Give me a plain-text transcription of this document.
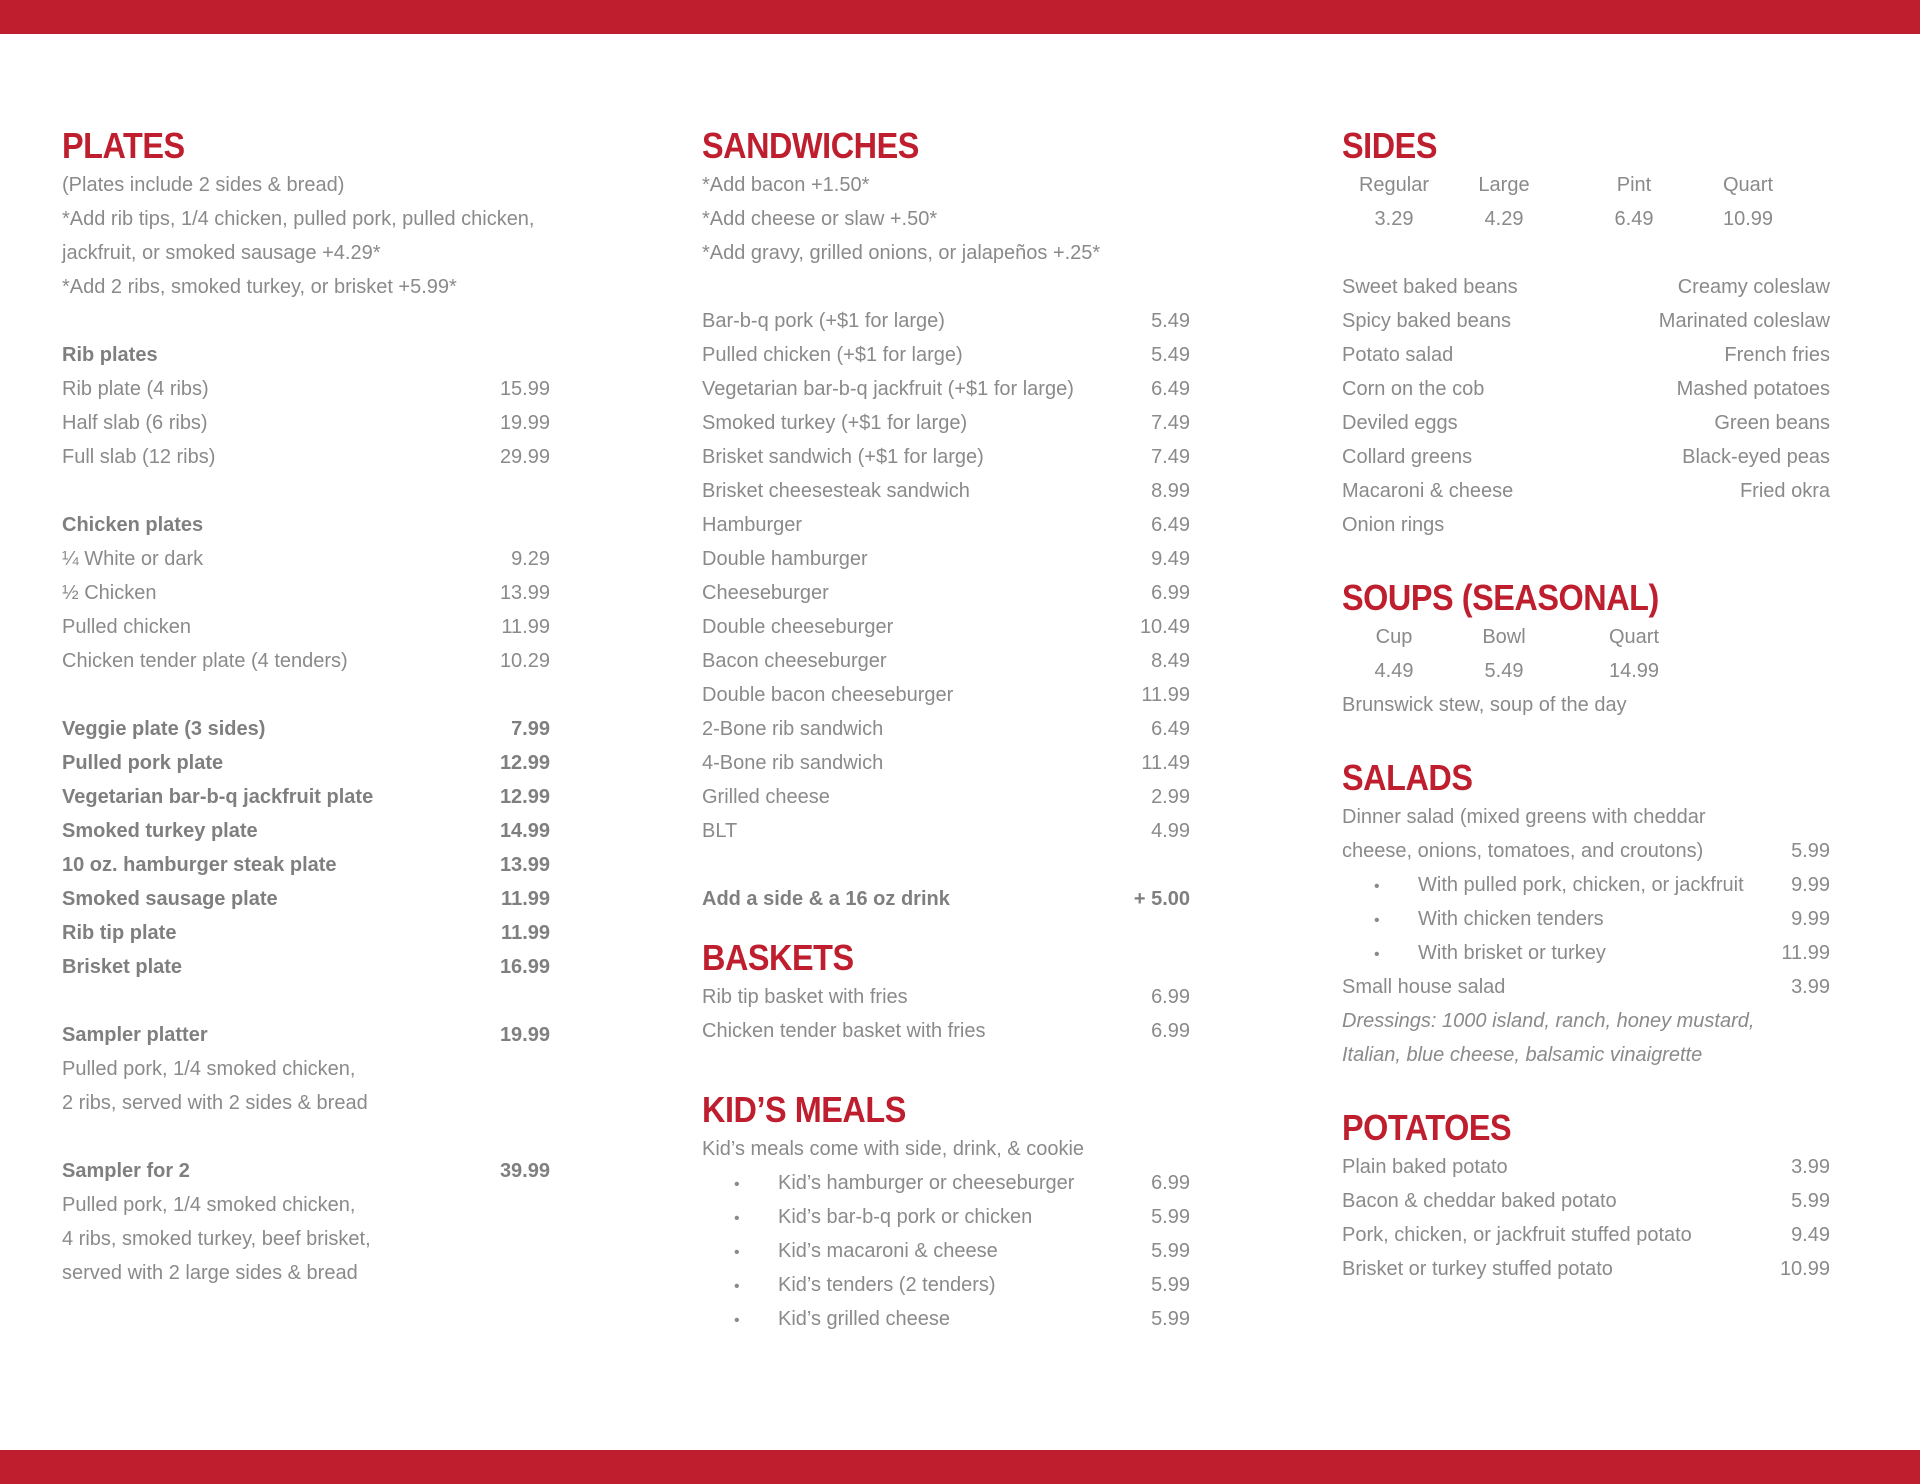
PLATES
(Plates include 2 sides & bread)
*Add rib tips, 1/4 chicken, pulled pork, pulled chicken,
jackfruit, or smoked sausage +4.29*
*Add 2 ribs, smoked turkey, or brisket +5.99*
Rib plates
Rib plate (4 ribs)	15.99
Half slab (6 ribs)	19.99
Full slab (12 ribs)	29.99
Chicken plates
¼ White or dark	9.29
½ Chicken	13.99
Pulled chicken	11.99
Chicken tender plate (4 tenders)	10.29
Veggie plate (3 sides)	7.99
Pulled pork plate	12.99
Vegetarian bar-b-q jackfruit plate	12.99
Smoked turkey plate	14.99
10 oz. hamburger steak plate	13.99
Smoked sausage plate	11.99
Rib tip plate	11.99
Brisket plate	16.99
Sampler platter	19.99
Pulled pork, 1/4 smoked chicken,
2 ribs, served with 2 sides & bread
Sampler for 2	39.99
Pulled pork, 1/4 smoked chicken,
4 ribs, smoked turkey, beef brisket,
served with 2 large sides & bread
SANDWICHES
*Add bacon +1.50*
*Add cheese or slaw +.50*
*Add gravy, grilled onions, or jalapeños +.25*
Bar-b-q pork (+$1 for large)	5.49
Pulled chicken (+$1 for large)	5.49
Vegetarian bar-b-q jackfruit (+$1 for large)	6.49
Smoked turkey (+$1 for large)	7.49
Brisket sandwich (+$1 for large)	7.49
Brisket cheesesteak sandwich	8.99
Hamburger	6.49
Double hamburger	9.49
Cheeseburger	6.99
Double cheeseburger	10.49
Bacon cheeseburger	8.49
Double bacon cheeseburger	11.99
2-Bone rib sandwich	6.49
4-Bone rib sandwich	11.49
Grilled cheese	2.99
BLT	4.99
Add a side & a 16 oz drink	+ 5.00
BASKETS
Rib tip basket with fries	6.99
Chicken tender basket with fries	6.99
KID’S MEALS
Kid’s meals come with side, drink, & cookie
• Kid’s hamburger or cheeseburger	6.99
• Kid’s bar-b-q pork or chicken	5.99
• Kid’s macaroni & cheese	5.99
• Kid’s tenders (2 tenders)	5.99
• Kid’s grilled cheese	5.99
SIDES
Regular	Large	Pint	Quart
3.29	4.29	6.49	10.99
Sweet baked beans	Creamy coleslaw
Spicy baked beans	Marinated coleslaw
Potato salad	French fries
Corn on the cob	Mashed potatoes
Deviled eggs	Green beans
Collard greens	Black-eyed peas
Macaroni & cheese	Fried okra
Onion rings
SOUPS (SEASONAL)
Cup	Bowl	Quart
4.49	5.49	14.99
Brunswick stew, soup of the day
SALADS
Dinner salad (mixed greens with cheddar
cheese, onions, tomatoes, and croutons)	5.99
• With pulled pork, chicken, or jackfruit 9.99
• With chicken tenders	9.99
• With brisket or turkey	11.99
Small house salad	3.99
Dressings: 1000 island, ranch, honey mustard,
Italian, blue cheese, balsamic vinaigrette
POTATOES
Plain baked potato	3.99
Bacon & cheddar baked potato	5.99
Pork, chicken, or jackfruit stuffed potato	9.49
Brisket or turkey stuffed potato	10.99
